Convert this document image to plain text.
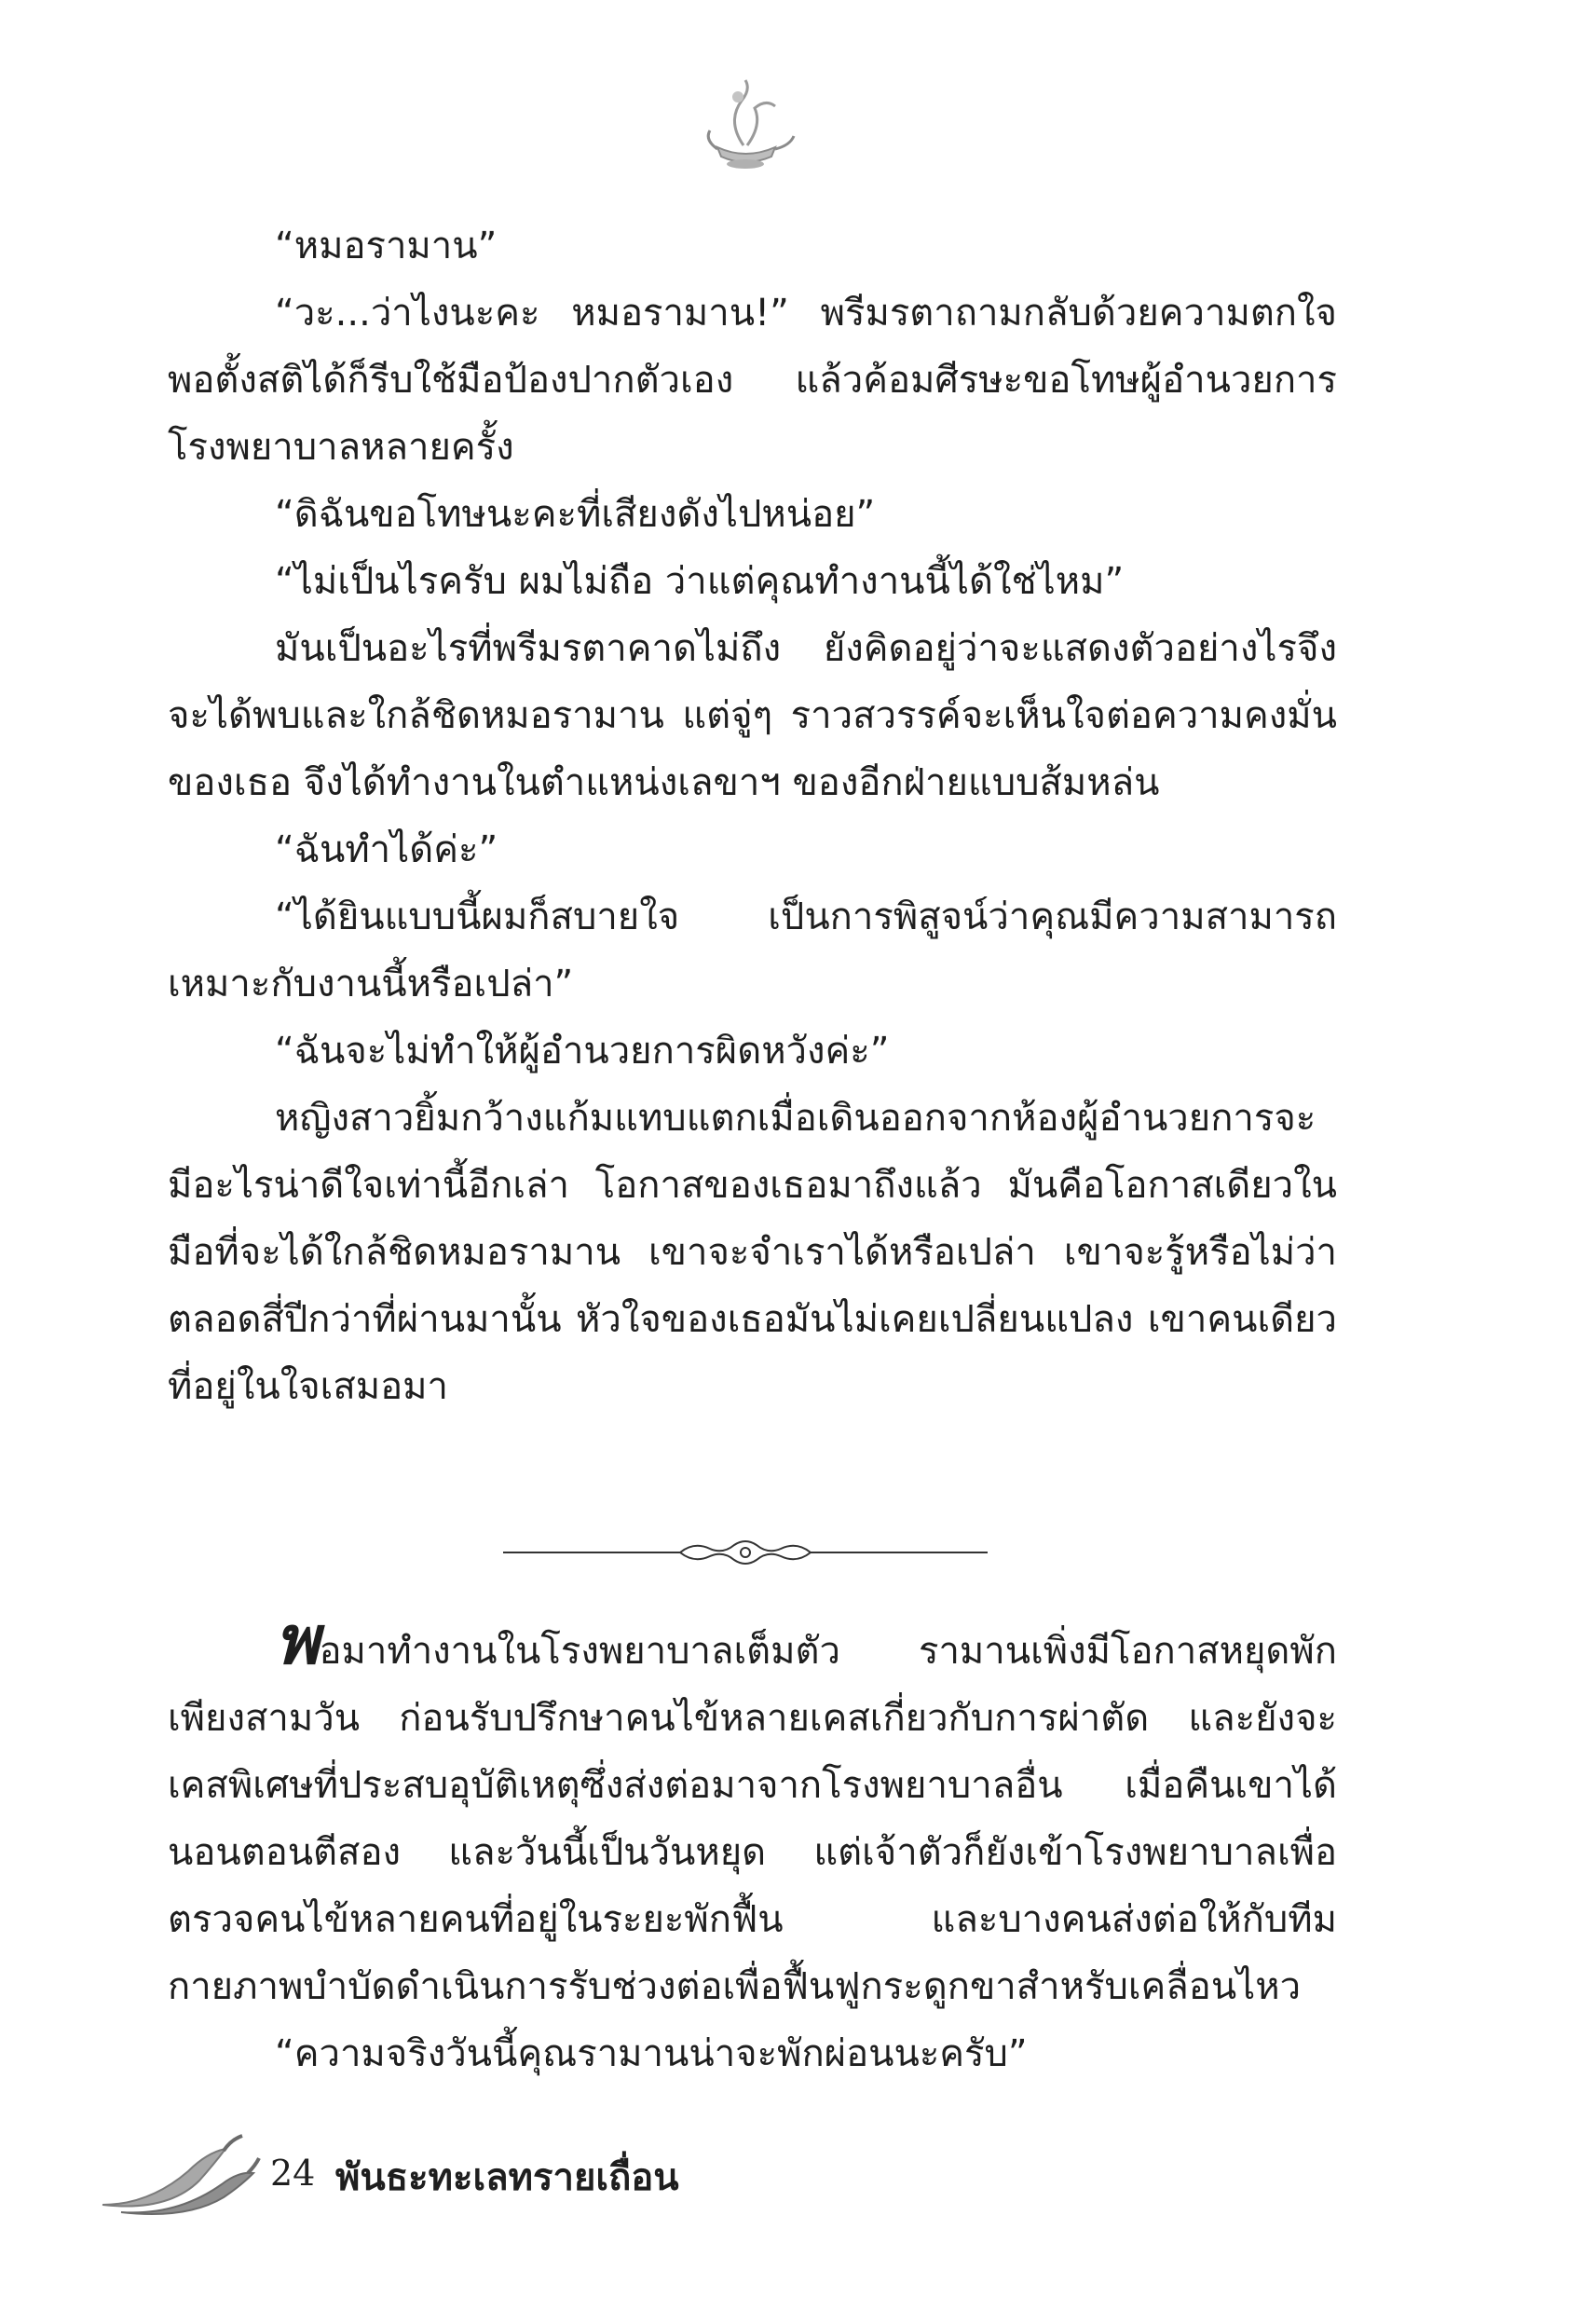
“หมอรามาน”

“วะ...ว่าไงนะคะ หมอรามาน!” พรีมรตาถามกลับด้วยความตกใจ พอตั้งสติได้ก็รีบใช้มือป้องปากตัวเอง แล้วค้อมศีรษะขอโทษผู้อำนวยการโรงพยาบาลหลายครั้ง

“ดิฉันขอโทษนะคะที่เสียงดังไปหน่อย”

“ไม่เป็นไรครับ ผมไม่ถือ ว่าแต่คุณทำงานนี้ได้ใช่ไหม”

มันเป็นอะไรที่พรีมรตาคาดไม่ถึง ยังคิดอยู่ว่าจะแสดงตัวอย่างไรจึงจะได้พบและใกล้ชิดหมอรามาน แต่จู่ๆ ราวสวรรค์จะเห็นใจต่อความคงมั่นของเธอ จึงได้ทำงานในตำแหน่งเลขาฯ ของอีกฝ่ายแบบส้มหล่น

“ฉันทำได้ค่ะ”

“ได้ยินแบบนี้ผมก็สบายใจ เป็นการพิสูจน์ว่าคุณมีความสามารถเหมาะกับงานนี้หรือเปล่า”

“ฉันจะไม่ทำให้ผู้อำนวยการผิดหวังค่ะ”

หญิงสาวยิ้มกว้างแก้มแทบแตกเมื่อเดินออกจากห้องผู้อำนวยการจะมีอะไรน่าดีใจเท่านี้อีกเล่า โอกาสของเธอมาถึงแล้ว มันคือโอกาสเดียวในมือที่จะได้ใกล้ชิดหมอรามาน เขาจะจำเราได้หรือเปล่า เขาจะรู้หรือไม่ว่าตลอดสี่ปีกว่าที่ผ่านมานั้น หัวใจของเธอมันไม่เคยเปลี่ยนแปลง เขาคนเดียวที่อยู่ในใจเสมอมา

พอมาทำงานในโรงพยาบาลเต็มตัว รามานเพิ่งมีโอกาสหยุดพักเพียงสามวัน ก่อนรับปรึกษาคนไข้หลายเคสเกี่ยวกับการผ่าตัด และยังจะเคสพิเศษที่ประสบอุบัติเหตุซึ่งส่งต่อมาจากโรงพยาบาลอื่น เมื่อคืนเขาได้นอนตอนตีสอง และวันนี้เป็นวันหยุด แต่เจ้าตัวก็ยังเข้าโรงพยาบาลเพื่อตรวจคนไข้หลายคนที่อยู่ในระยะพักฟื้น และบางคนส่งต่อให้กับทีมกายภาพบำบัดดำเนินการรับช่วงต่อเพื่อฟื้นฟูกระดูกขาสำหรับเคลื่อนไหว

“ความจริงวันนี้คุณรามานน่าจะพักผ่อนนะครับ”

24 พันธะทะเลทรายเถื่อน
